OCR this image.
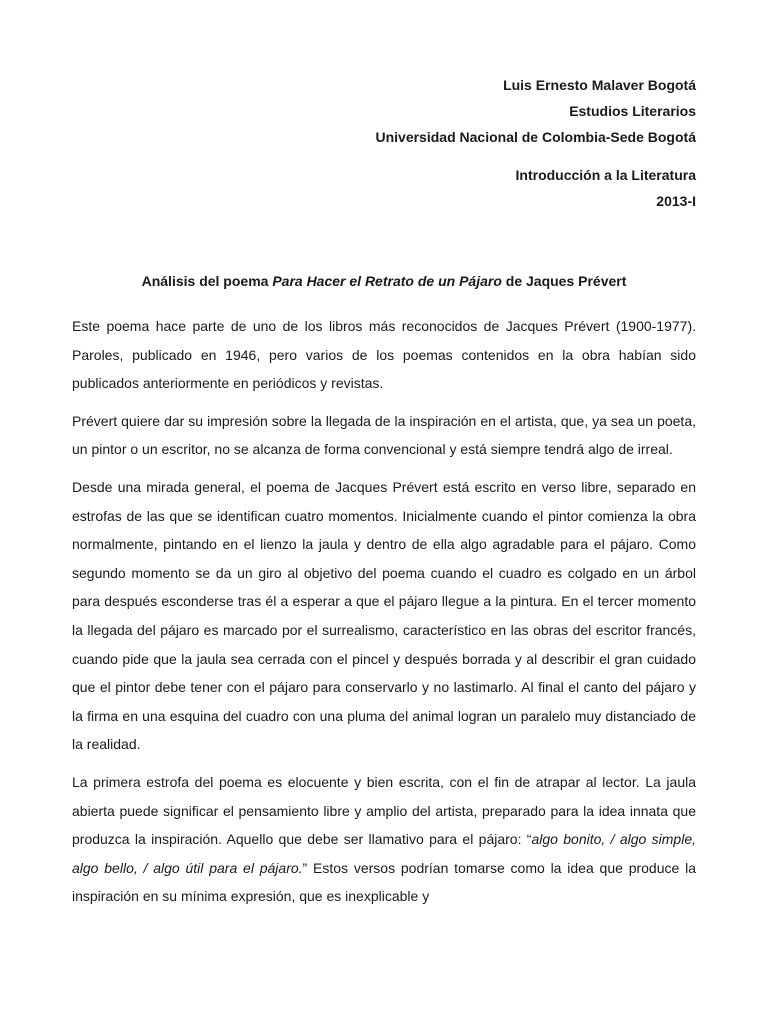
Luis Ernesto Malaver Bogotá
Estudios Literarios
Universidad Nacional de Colombia-Sede Bogotá
Introducción a la Literatura
2013-I
Análisis del poema Para Hacer el Retrato de un Pájaro de Jaques Prévert

Este poema hace parte de uno de los libros más reconocidos de Jacques Prévert (1900-1977). Paroles, publicado en 1946, pero varios de los poemas contenidos en la obra habían sido publicados anteriormente en periódicos y revistas.

Prévert quiere dar su impresión sobre la llegada de la inspiración en el artista, que, ya sea un poeta, un pintor o un escritor, no se alcanza de forma convencional y está siempre tendrá algo de irreal.

Desde una mirada general, el poema de Jacques Prévert está escrito en verso libre, separado en estrofas de las que se identifican cuatro momentos. Inicialmente cuando el pintor comienza la obra normalmente, pintando en el lienzo la jaula y dentro de ella algo agradable para el pájaro. Como segundo momento se da un giro al objetivo del poema cuando el cuadro es colgado en un árbol para después esconderse tras él a esperar a que el pájaro llegue a la pintura. En el tercer momento la llegada del pájaro es marcado por el surrealismo, característico en las obras del escritor francés, cuando pide que la jaula sea cerrada con el pincel y después borrada y al describir el gran cuidado que el pintor debe tener con el pájaro para conservarlo y no lastimarlo. Al final el canto del pájaro y la firma en una esquina del cuadro con una pluma del animal logran un paralelo muy distanciado de la realidad.

La primera estrofa del poema es elocuente y bien escrita, con el fin de atrapar al lector. La jaula abierta puede significar el pensamiento libre y amplio del artista, preparado para la idea innata que produzca la inspiración. Aquello que debe ser llamativo para el pájaro: “algo bonito, / algo simple, algo bello, / algo útil para el pájaro.” Estos versos podrían tomarse como la idea que produce la inspiración en su mínima expresión, que es inexplicable y
